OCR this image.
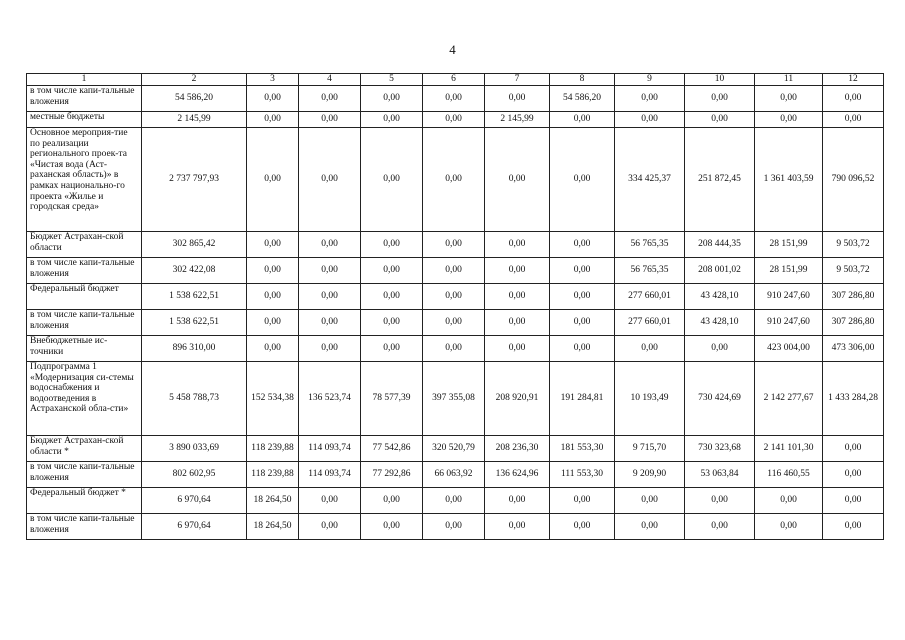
4
1	2	3	4	5	6	7	8	9	10	11	12
в том числе капи-тальные вложения	54 586,20	0,00	0,00	0,00	0,00	0,00	54 586,20	0,00	0,00	0,00	0,00
местные бюджеты	2 145,99	0,00	0,00	0,00	0,00	2 145,99	0,00	0,00	0,00	0,00	0,00
Основное мероприя-тие по реализации регионального проек-та «Чистая вода (Аст-раханская область)» в рамках национально-го проекта «Жилье и городская среда»	2 737 797,93	0,00	0,00	0,00	0,00	0,00	0,00	334 425,37	251 872,45	1 361 403,59	790 096,52
Бюджет Астрахан-ской области	302 865,42	0,00	0,00	0,00	0,00	0,00	0,00	56 765,35	208 444,35	28 151,99	9 503,72
в том числе капи-тальные вложения	302 422,08	0,00	0,00	0,00	0,00	0,00	0,00	56 765,35	208 001,02	28 151,99	9 503,72
Федеральный бюджет	1 538 622,51	0,00	0,00	0,00	0,00	0,00	0,00	277 660,01	43 428,10	910 247,60	307 286,80
в том числе капи-тальные вложения	1 538 622,51	0,00	0,00	0,00	0,00	0,00	0,00	277 660,01	43 428,10	910 247,60	307 286,80
Внебюджетные ис-точники	896 310,00	0,00	0,00	0,00	0,00	0,00	0,00	0,00	0,00	423 004,00	473 306,00
Подпрограмма 1 «Модернизация си-стемы водоснабжения и водоотведения в Астраханской обла-сти»	5 458 788,73	152 534,38	136 523,74	78 577,39	397 355,08	208 920,91	191 284,81	10 193,49	730 424,69	2 142 277,67	1 433 284,28
Бюджет Астрахан-ской области *	3 890 033,69	118 239,88	114 093,74	77 542,86	320 520,79	208 236,30	181 553,30	9 715,70	730 323,68	2 141 101,30	0,00
в том числе капи-тальные вложения	802 602,95	118 239,88	114 093,74	77 292,86	66 063,92	136 624,96	111 553,30	9 209,90	53 063,84	116 460,55	0,00
Федеральный бюджет *	6 970,64	18 264,50	0,00	0,00	0,00	0,00	0,00	0,00	0,00	0,00	0,00
в том числе капи-тальные вложения	6 970,64	18 264,50	0,00	0,00	0,00	0,00	0,00	0,00	0,00	0,00	0,00
